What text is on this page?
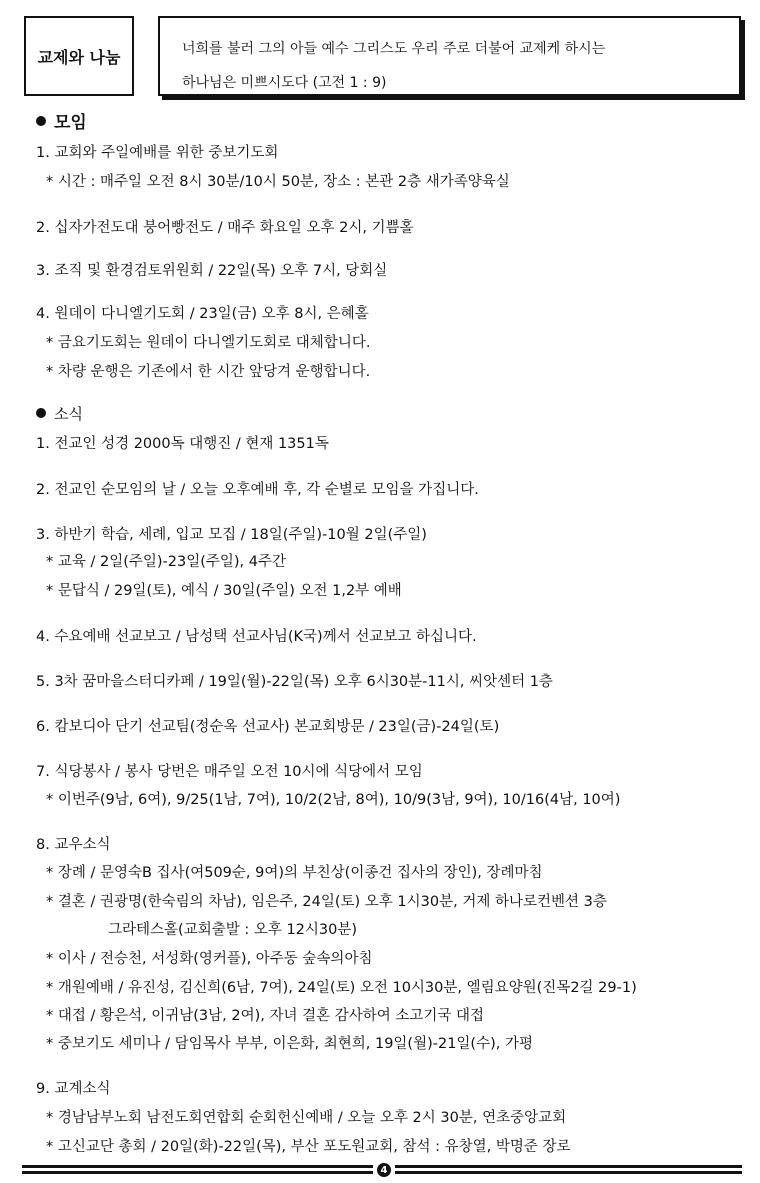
교제와 나눔	너희를 불러 그의 아들 예수 그리스도 우리 주로 더불어 교제케 하시는
하나님은 미쁘시도다 (고전 1 : 9)
모임
1. 교회와 주일예배를 위한 중보기도회
* 시간 : 매주일 오전 8시 30분/10시 50분, 장소 : 본관 2층 새가족양육실
2. 십자가전도대 붕어빵전도 / 매주 화요일 오후 2시, 기쁨홀
3. 조직 및 환경검토위원회 / 22일(목) 오후 7시, 당회실
4. 원데이 다니엘기도회 / 23일(금) 오후 8시, 은혜홀
* 금요기도회는 원데이 다니엘기도회로 대체합니다.
* 차량 운행은 기존에서 한 시간 앞당겨 운행합니다.
소식
1. 전교인 성경 2000독 대행진 / 현재 1351독
2. 전교인 순모임의 날 / 오늘 오후예배 후, 각 순별로 모임을 가집니다.
3. 하반기 학습, 세례, 입교 모집 / 18일(주일)-10월 2일(주일)
* 교육 / 2일(주일)-23일(주일), 4주간
* 문답식 / 29일(토), 예식 / 30일(주일) 오전 1,2부 예배
4. 수요예배 선교보고 / 남성택 선교사님(K국)께서 선교보고 하십니다.
5. 3차 꿈마을스터디카페 / 19일(월)-22일(목) 오후 6시30분-11시, 씨앗센터 1층
6. 캄보디아 단기 선교팀(정순옥 선교사) 본교회방문 / 23일(금)-24일(토)
7. 식당봉사 / 봉사 당번은 매주일 오전 10시에 식당에서 모임
* 이번주(9남, 6여), 9/25(1남, 7여), 10/2(2남, 8여), 10/9(3남, 9여), 10/16(4남, 10여)
8. 교우소식
* 장례 / 문영숙B 집사(여509순, 9여)의 부친상(이종건 집사의 장인), 장례마침
* 결혼 / 권광명(한숙림의 차남), 임은주, 24일(토) 오후 1시30분, 거제 하나로컨벤션 3층
그라테스홀(교회출발 : 오후 12시30분)
* 이사 / 전승천, 서성화(영커플), 아주동 숲속의아침
* 개원예배 / 유진성, 김신희(6남, 7여), 24일(토) 오전 10시30분, 엘림요양원(진목2길 29-1)
* 대접 / 황은석, 이귀남(3남, 2여), 자녀 결혼 감사하여 소고기국 대접
* 중보기도 세미나 / 담임목사 부부, 이은화, 최현희, 19일(월)-21일(수), 가평
9. 교계소식
* 경남남부노회 남전도회연합회 순회헌신예배 / 오늘 오후 2시 30분, 연초중앙교회
* 고신교단 총회 / 20일(화)-22일(목), 부산 포도원교회, 참석 : 유창열, 박명준 장로
4
